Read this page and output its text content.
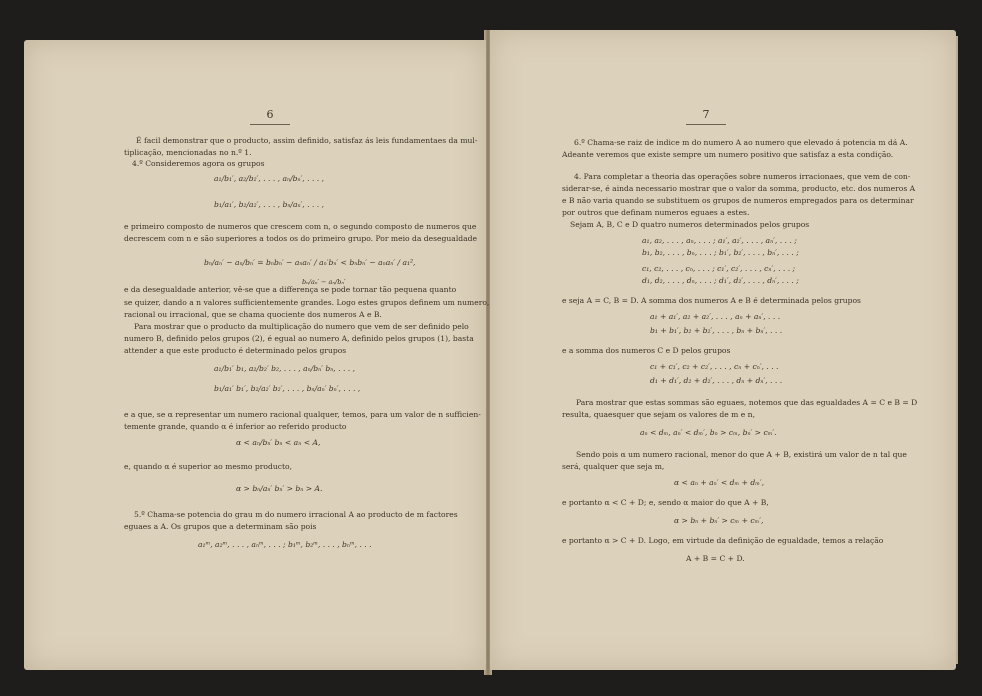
6
É facil demonstrar que o producto, assim definido, satisfaz ás leis fundamentaes da mul-
tiplicação, mencionadas no n.º 1.
4.º Consideremos agora os grupos
a₁/b₁′, a₂/b₂′, . . . , aₙ/bₙ′, . . . ,
b₁/a₁′, b₂/a₂′, . . . , bₙ/aₙ′, . . . ,
e primeiro composto de numeros que crescem com n, o segundo composto de numeros que
decrescem com n e são superiores a todos os do primeiro grupo. Por meio da desegualdade
bₙ/aₙ′ − aₙ/bₙ′ = bₙbₙ′ − aₙaₙ′ / aₙ′bₙ′ < bₙbₙ′ − aₙaₙ′ / a₁²,
e da desegualdade anterior, vê-se que a differença se pode tornar tão pequena quanto
se quizer, dando a n valores sufficientemente grandes. Logo estes grupos definem um numero,
racional ou irracional, que se chama quociente dos numeros A e B.
Para mostrar que o producto da multiplicação do numero que vem de ser definido pelo
numero B, definido pelos grupos (2), é egual ao numero A, definido pelos grupos (1), basta
attender a que este producto é determinado pelos grupos
a₁/b₁′ b₁, a₂/b₂′ b₂, . . . , aₙ/bₙ′ bₙ, . . . ,
b₁/a₁′ b₁′, b₂/a₂′ b₂′, . . . , bₙ/aₙ′ bₙ′, . . . ,
e a que, se α representar um numero racional qualquer, temos, para um valor de n sufficien-
temente grande, quando α é inferior ao referido producto
α < aₙ/bₙ′ bₙ < aₙ < A,
e, quando α é superior ao mesmo producto,
α > bₙ/aₙ′ bₙ′ > bₙ > A.
5.º Chama-se potencia do grau m do numero irracional A ao producto de m factores
eguaes a A. Os grupos que a determinam são pois
a₁ᵐ, a₂ᵐ, . . . , aₙᵐ, . . . ; b₁ᵐ, b₂ᵐ, . . . , bₙᵐ, . . .
7
6.º Chama-se raiz de indice m do numero A ao numero que elevado á potencia m dá A.
Adeante veremos que existe sempre um numero positivo que satisfaz a esta condição.
4. Para completar a theoria das operações sobre numeros irracionaes, que vem de con-
siderar-se, é ainda necessario mostrar que o valor da somma, producto, etc. dos numeros A
e B não varia quando se substituem os grupos de numeros empregados para os determinar
por outros que definam numeros eguaes a estes.
Sejam A, B, C e D quatro numeros determinados pelos grupos
a₁, a₂, . . . , aₙ, . . . ; a₁′, a₂′, . . . , aₙ′, . . . ;
b₁, b₂, . . . , bₙ, . . . ; b₁′, b₂′, . . . , bₙ′, . . . ;
c₁, c₂, . . . , cₙ, . . . ; c₁′, c₂′, . . . , cₙ′, . . . ;
d₁, d₂, . . . , dₙ, . . . ; d₁′, d₂′, . . . , dₙ′, . . . ;
e seja A = C, B = D. A somma dos numeros A e B é determinada pelos grupos
a₁ + a₁′, a₂ + a₂′, . . . , aₙ + aₙ′, . . .
b₁ + b₁′, b₂ + b₂′, . . . , bₙ + bₙ′, . . .
e a somma dos numeros C e D pelos grupos
c₁ + c₁′, c₂ + c₂′, . . . , cₙ + cₙ′, . . .
d₁ + d₁′, d₂ + d₂′, . . . , dₙ + dₙ′, . . .
Para mostrar que estas sommas são eguaes, notemos que das egualdades A = C e B = D
resulta, quaesquer que sejam os valores de m e n,
aₙ < dₘ, aₙ′ < dₘ′, bₙ > cₘ, bₙ′ > cₘ′.
Sendo pois α um numero racional, menor do que A + B, existirá um valor de n tal que
será, qualquer que seja m,
α < aₙ + aₙ′ < dₘ + dₘ′,
e portanto α < C + D; e, sendo α maior do que A + B,
α > bₙ + bₙ′ > cₘ + cₘ′,
e portanto α > C + D. Logo, em virtude da definição de egualdade, temos a relação
A + B = C + D.
bₙ/aₙ′ − aₙ/bₙ′
